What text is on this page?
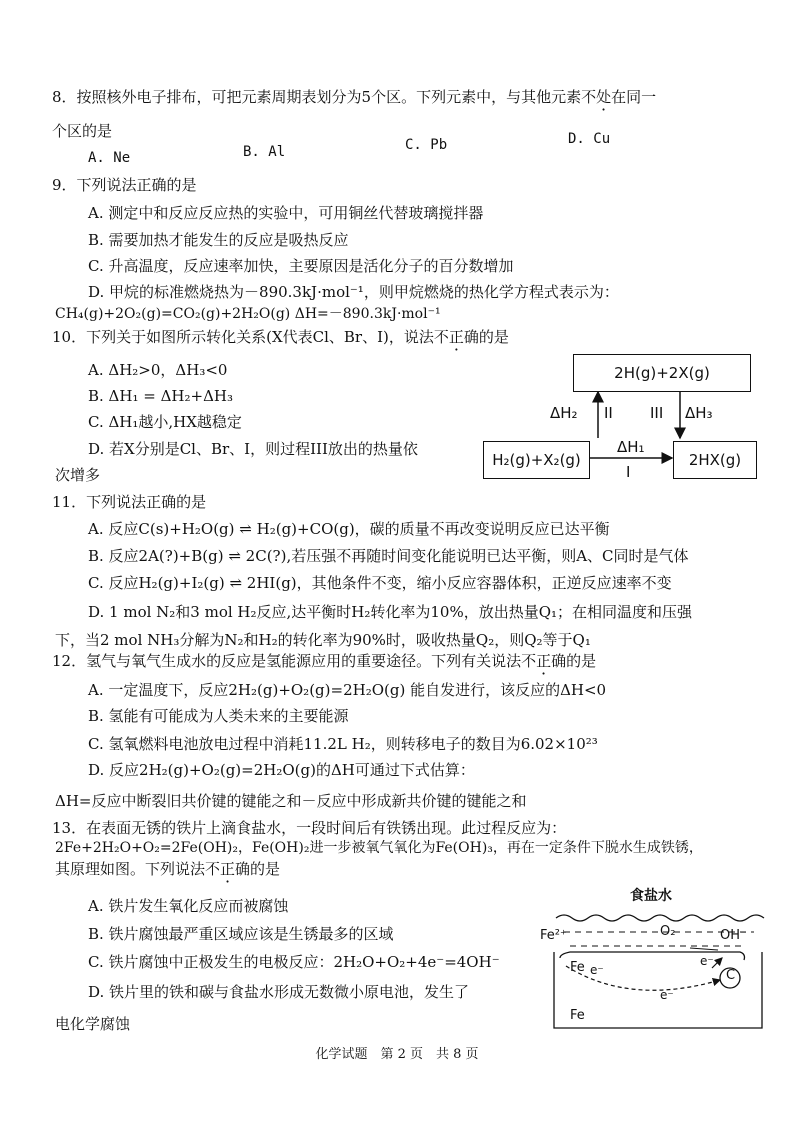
8．按照核外电子排布，可把元素周期表划分为5个区。下列元素中，与其他元素不处在同一
个区的是
A. Ne	B. Al	C. Pb	D. Cu
9．下列说法正确的是
A. 测定中和反应反应热的实验中，可用铜丝代替玻璃搅拌器
B. 需要加热才能发生的反应是吸热反应
C. 升高温度，反应速率加快，主要原因是活化分子的百分数增加
D. 甲烷的标准燃烧热为－890.3kJ·mol⁻¹，则甲烷燃烧的热化学方程式表示为：
CH₄(g)+2O₂(g)=CO₂(g)+2H₂O(g) ΔH=－890.3kJ·mol⁻¹
10．下列关于如图所示转化关系(X代表Cl、Br、I)，说法不正确的是
A. ΔH₂>0，ΔH₃<0
B. ΔH₁ = ΔH₂+ΔH₃
C. ΔH₁越小,HX越稳定
D. 若X分别是Cl、Br、I，则过程III放出的热量依
次增多
2H(g)+2X(g)
H₂(g)+X₂(g)	2HX(g)
ΔH₂ II III ΔH₃
ΔH₁
I
11．下列说法正确的是
A. 反应C(s)+H₂O(g) ⇌ H₂(g)+CO(g)，碳的质量不再改变说明反应已达平衡
B. 反应2A(?)+B(g) ⇌ 2C(?),若压强不再随时间变化能说明已达平衡，则A、C同时是气体
C. 反应H₂(g)+I₂(g) ⇌ 2HI(g)，其他条件不变，缩小反应容器体积，正逆反应速率不变
D. 1 mol N₂和3 mol H₂反应,达平衡时H₂转化率为10%，放出热量Q₁；在相同温度和压强
下，当2 mol NH₃分解为N₂和H₂的转化率为90%时，吸收热量Q₂，则Q₂等于Q₁
12．氢气与氧气生成水的反应是氢能源应用的重要途径。下列有关说法不正确的是
A. 一定温度下，反应2H₂(g)+O₂(g)=2H₂O(g) 能自发进行，该反应的ΔH<0
B. 氢能有可能成为人类未来的主要能源
C. 氢氧燃料电池放电过程中消耗11.2L H₂，则转移电子的数目为6.02×10²³
D. 反应2H₂(g)+O₂(g)=2H₂O(g)的ΔH可通过下式估算：
ΔH=反应中断裂旧共价键的键能之和－反应中形成新共价键的键能之和
13．在表面无锈的铁片上滴食盐水，一段时间后有铁锈出现。此过程反应为：
2Fe+2H₂O+O₂=2Fe(OH)₂，Fe(OH)₂进一步被氧气氧化为Fe(OH)₃，再在一定条件下脱水生成铁锈，
其原理如图。下列说法不正确的是
A. 铁片发生氧化反应而被腐蚀
B. 铁片腐蚀最严重区域应该是生锈最多的区域
C. 铁片腐蚀中正极发生的电极反应：2H₂O+O₂+4e⁻=4OH⁻
D. 铁片里的铁和碳与食盐水形成无数微小原电池，发生了
电化学腐蚀
食盐水
Fe²⁺	O₂	OH⁻
Fe e⁻
e⁻
e⁻
C
Fe
化学试题　第 2 页　共 8 页
